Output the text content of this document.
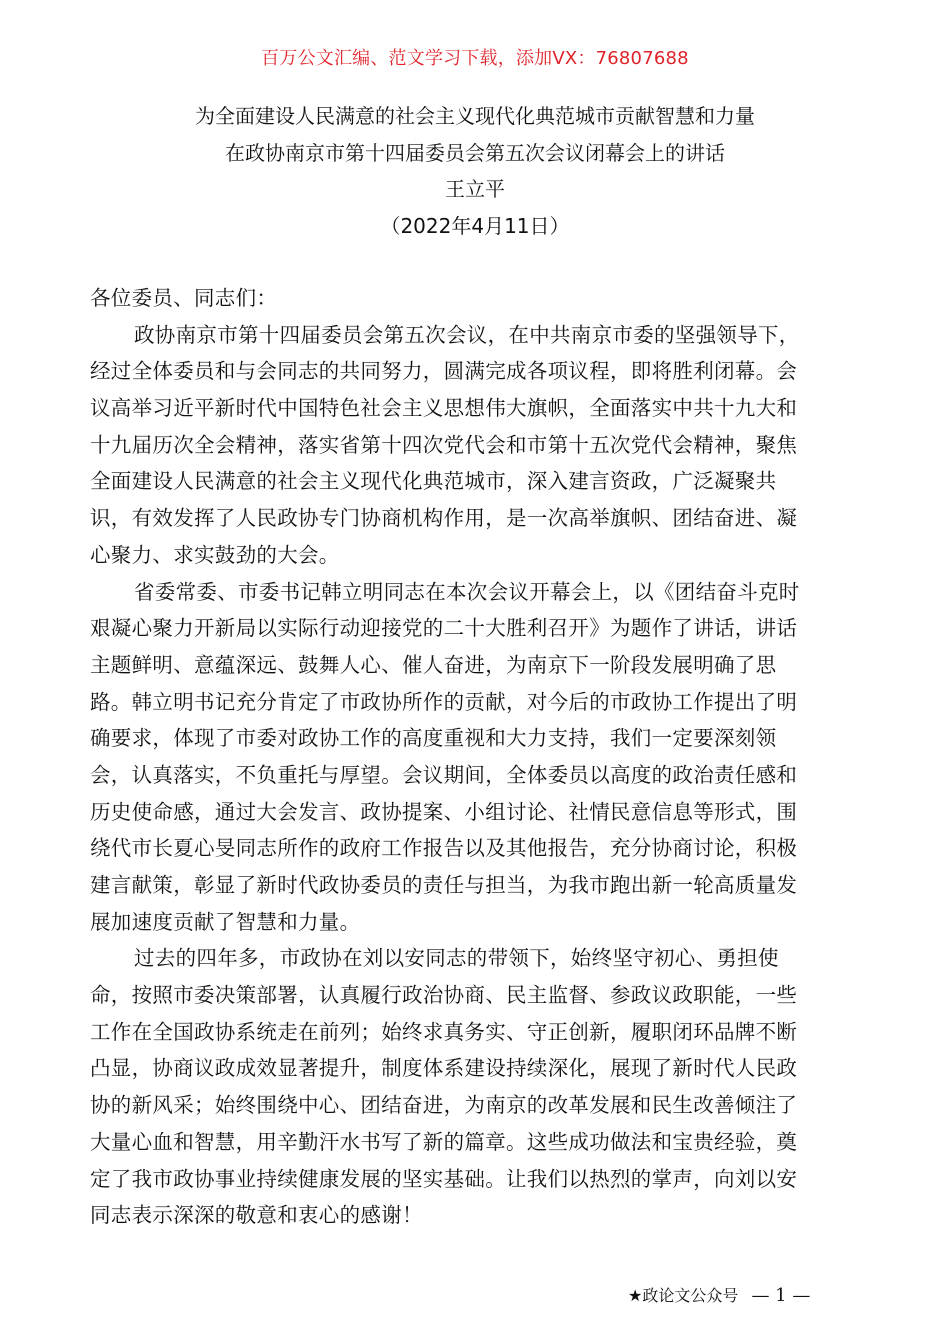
百万公文汇编、范文学习下载，添加VX：76807688
为全面建设人民满意的社会主义现代化典范城市贡献智慧和力量
在政协南京市第十四届委员会第五次会议闭幕会上的讲话
王立平
（2022年4月11日）
各位委员、同志们：
政协南京市第十四届委员会第五次会议，在中共南京市委的坚强领导下，
经过全体委员和与会同志的共同努力，圆满完成各项议程，即将胜利闭幕。会
议高举习近平新时代中国特色社会主义思想伟大旗帜，全面落实中共十九大和
十九届历次全会精神，落实省第十四次党代会和市第十五次党代会精神，聚焦
全面建设人民满意的社会主义现代化典范城市，深入建言资政，广泛凝聚共
识，有效发挥了人民政协专门协商机构作用，是一次高举旗帜、团结奋进、凝
心聚力、求实鼓劲的大会。
省委常委、市委书记韩立明同志在本次会议开幕会上，以《团结奋斗克时
艰凝心聚力开新局以实际行动迎接党的二十大胜利召开》为题作了讲话，讲话
主题鲜明、意蕴深远、鼓舞人心、催人奋进，为南京下一阶段发展明确了思
路。韩立明书记充分肯定了市政协所作的贡献，对今后的市政协工作提出了明
确要求，体现了市委对政协工作的高度重视和大力支持，我们一定要深刻领
会，认真落实，不负重托与厚望。会议期间，全体委员以高度的政治责任感和
历史使命感，通过大会发言、政协提案、小组讨论、社情民意信息等形式，围
绕代市长夏心旻同志所作的政府工作报告以及其他报告，充分协商讨论，积极
建言献策，彰显了新时代政协委员的责任与担当，为我市跑出新一轮高质量发
展加速度贡献了智慧和力量。
过去的四年多，市政协在刘以安同志的带领下，始终坚守初心、勇担使
命，按照市委决策部署，认真履行政治协商、民主监督、参政议政职能，一些
工作在全国政协系统走在前列；始终求真务实、守正创新，履职闭环品牌不断
凸显，协商议政成效显著提升，制度体系建设持续深化，展现了新时代人民政
协的新风采；始终围绕中心、团结奋进，为南京的改革发展和民生改善倾注了
大量心血和智慧，用辛勤汗水书写了新的篇章。这些成功做法和宝贵经验，奠
定了我市政协事业持续健康发展的坚实基础。让我们以热烈的掌声，向刘以安
同志表示深深的敬意和衷心的感谢！
★政论文公众号 — 1 —
